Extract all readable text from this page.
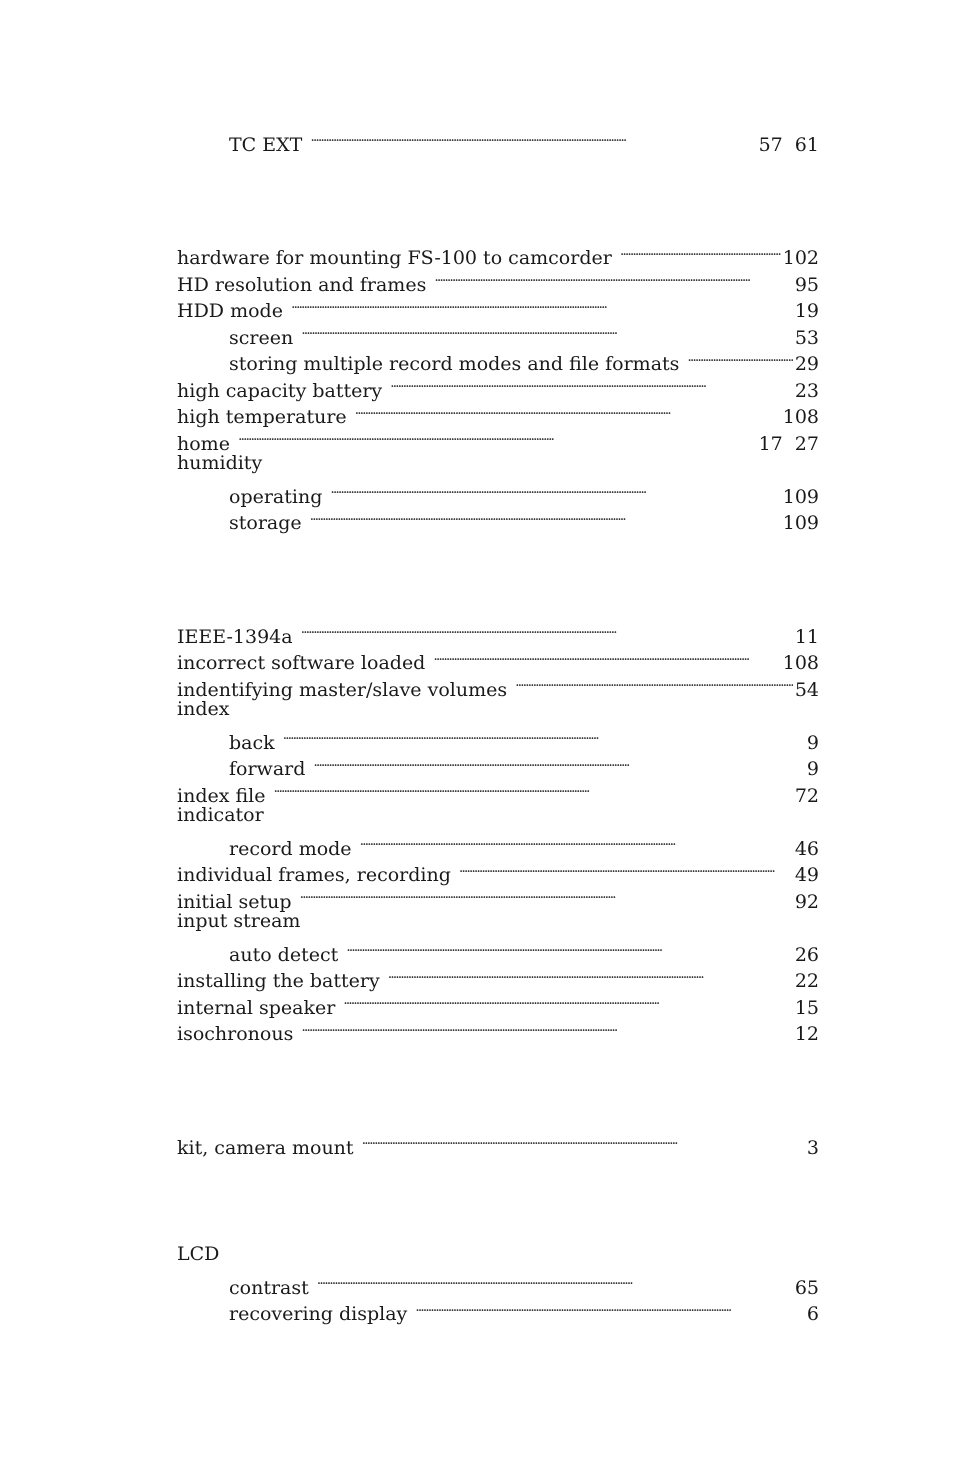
TC EXT . . .	57 61
hardware for mounting FS-100 to camcorder . . .	102
HD resolution and frames . . .	95
HDD mode . . .	19
screen . . .	53
storing multiple record modes and file formats . . .	29
high capacity battery . . .	23
high temperature . . .	108
home . . .	17 27
humidity
operating . . .	109
storage . . .	109
IEEE-1394a . . .	11
incorrect software loaded . . .	108
indentifying master/slave volumes . . .	54
index
back . . .	9
forward . . .	9
index file . . .	72
indicator
record mode . . .	46
individual frames, recording . . .	49
initial setup . . .	92
input stream
auto detect . . .	26
installing the battery . . .	22
internal speaker . . .	15
isochronous . . .	12
kit, camera mount . . .	3
LCD
contrast . . .	65
recovering display . . .	6
